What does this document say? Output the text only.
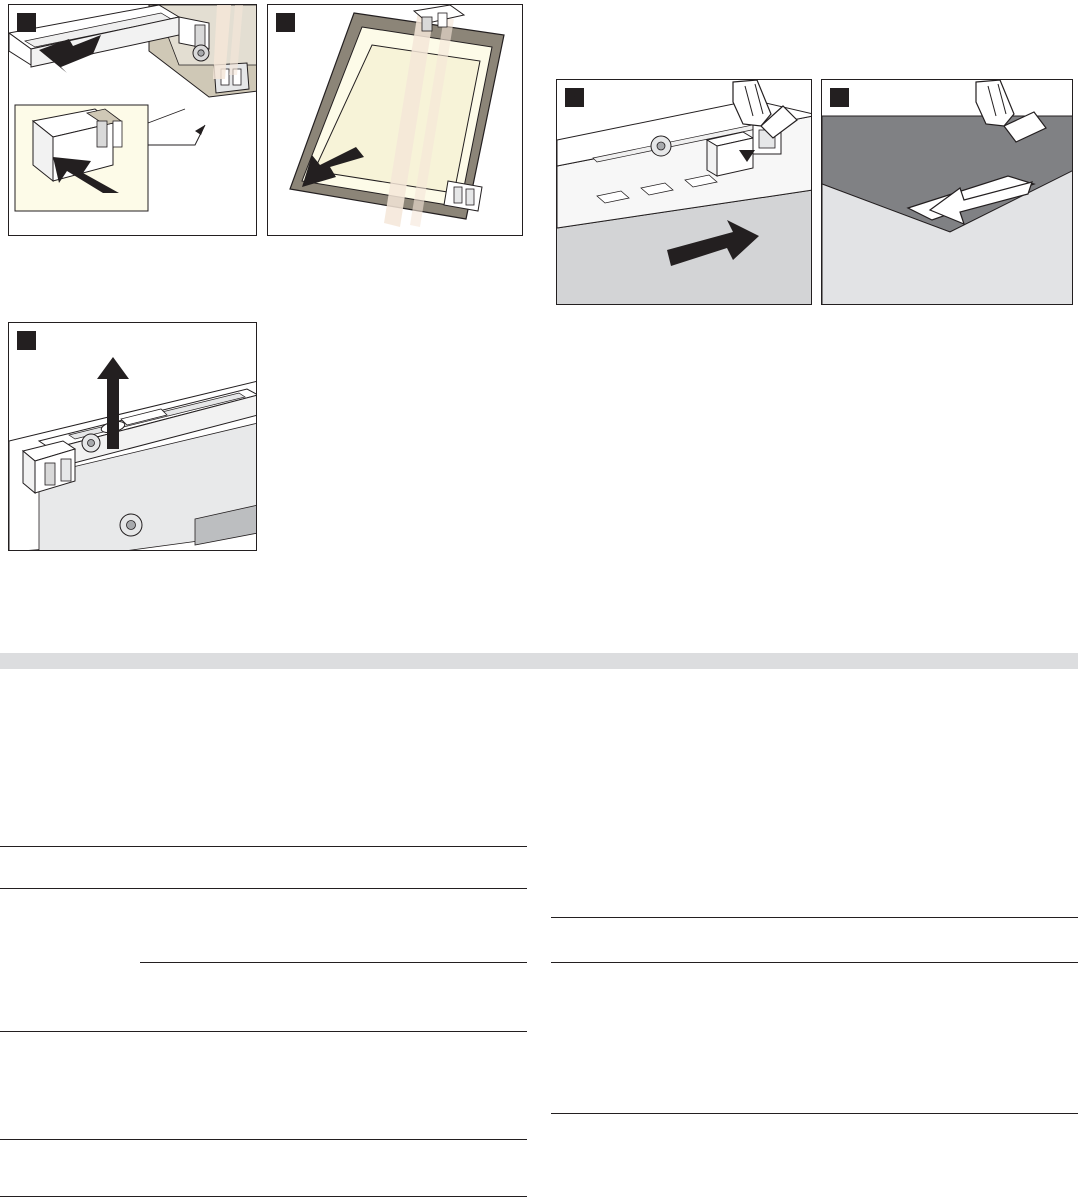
1	2
3	4
5
